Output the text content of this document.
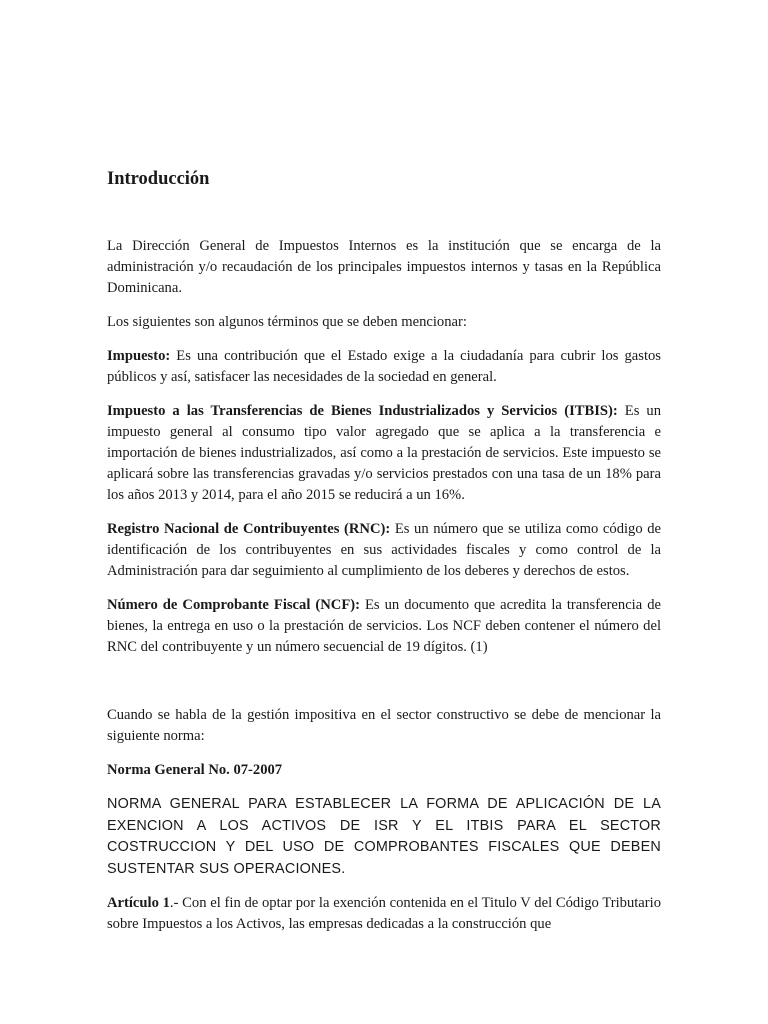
Introducción

La Dirección General de Impuestos Internos es la institución que se encarga de la administración y/o recaudación de los principales impuestos internos y tasas en la República Dominicana.

Los siguientes son algunos términos que se deben mencionar:

Impuesto: Es una contribución que el Estado exige a la ciudadanía para cubrir los gastos públicos y así, satisfacer las necesidades de la sociedad en general.

Impuesto a las Transferencias de Bienes Industrializados y Servicios (ITBIS): Es un impuesto general al consumo tipo valor agregado que se aplica a la transferencia e importación de bienes industrializados, así como a la prestación de servicios. Este impuesto se aplicará sobre las transferencias gravadas y/o servicios prestados con una tasa de un 18% para los años 2013 y 2014, para el año 2015 se reducirá a un 16%.

Registro Nacional de Contribuyentes (RNC): Es un número que se utiliza como código de identificación de los contribuyentes en sus actividades fiscales y como control de la Administración para dar seguimiento al cumplimiento de los deberes y derechos de estos.

Número de Comprobante Fiscal (NCF): Es un documento que acredita la transferencia de bienes, la entrega en uso o la prestación de servicios. Los NCF deben contener el número del RNC del contribuyente y un número secuencial de 19 dígitos. (1)

Cuando se habla de la gestión impositiva en el sector constructivo se debe de mencionar la siguiente norma:

Norma General No. 07-2007

NORMA GENERAL PARA ESTABLECER LA FORMA DE APLICACIÓN DE LA EXENCION A LOS ACTIVOS DE ISR Y EL ITBIS PARA EL SECTOR COSTRUCCION Y DEL USO DE COMPROBANTES FISCALES QUE DEBEN SUSTENTAR SUS OPERACIONES.

Artículo 1.- Con el fin de optar por la exención contenida en el Titulo V del Código Tributario sobre Impuestos a los Activos, las empresas dedicadas a la construcción que
